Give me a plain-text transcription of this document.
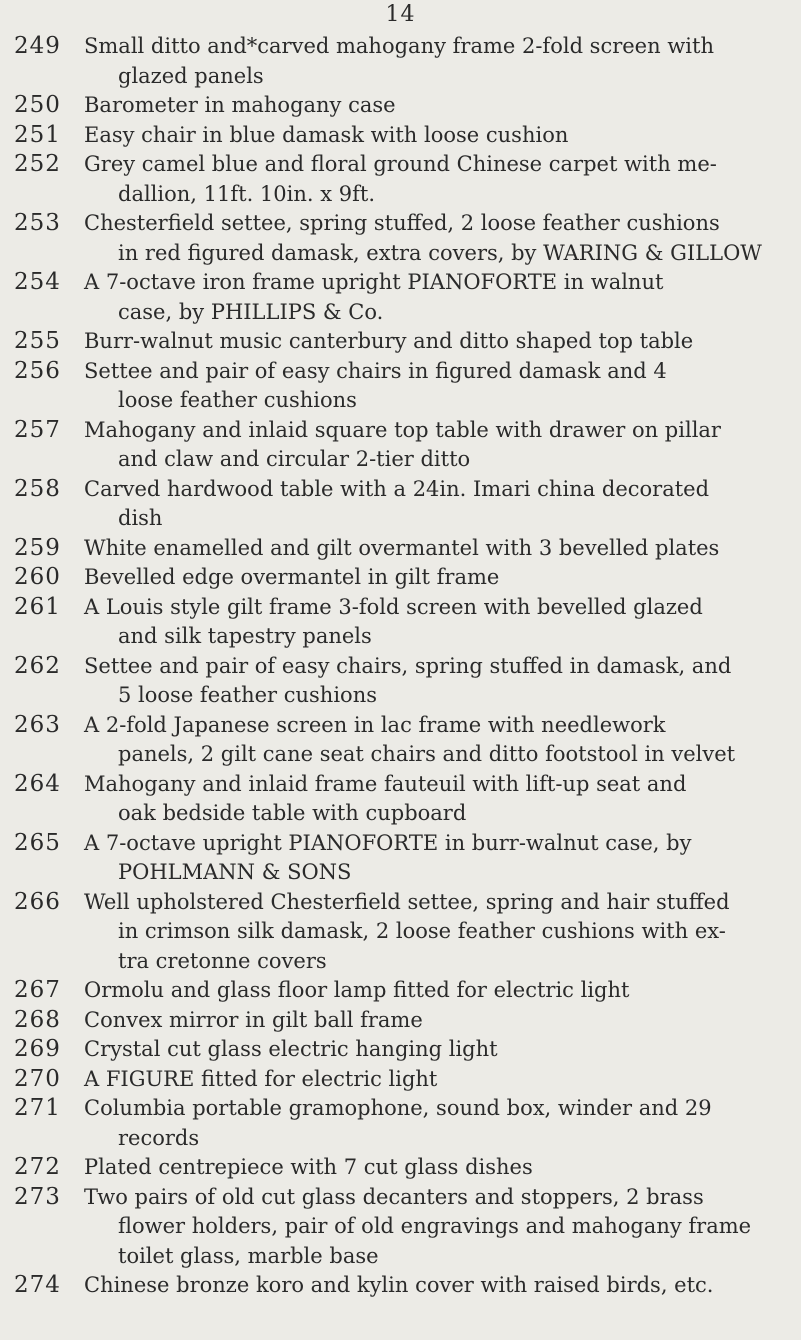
14
249	Small ditto and*carved mahogany frame 2-fold screen with
glazed panels
250	Barometer in mahogany case
251	Easy chair in blue damask with loose cushion
252	Grey camel blue and floral ground Chinese carpet with me-
dallion, 11ft. 10in. x 9ft.
253	Chesterfield settee, spring stuffed, 2 loose feather cushions
in red figured damask, extra covers, by WARING & GILLOW
254	A 7-octave iron frame upright PIANOFORTE in walnut
case, by PHILLIPS & Co.
255	Burr-walnut music canterbury and ditto shaped top table
256	Settee and pair of easy chairs in figured damask and 4
loose feather cushions
257	Mahogany and inlaid square top table with drawer on pillar
and claw and circular 2-tier ditto
258	Carved hardwood table with a 24in. Imari china decorated
dish
259	White enamelled and gilt overmantel with 3 bevelled plates
260	Bevelled edge overmantel in gilt frame
261	A Louis style gilt frame 3-fold screen with bevelled glazed
and silk tapestry panels
262	Settee and pair of easy chairs, spring stuffed in damask, and
5 loose feather cushions
263	A 2-fold Japanese screen in lac frame with needlework
panels, 2 gilt cane seat chairs and ditto footstool in velvet
264	Mahogany and inlaid frame fauteuil with lift-up seat and
oak bedside table with cupboard
265	A 7-octave upright PIANOFORTE in burr-walnut case, by
POHLMANN & SONS
266	Well upholstered Chesterfield settee, spring and hair stuffed
in crimson silk damask, 2 loose feather cushions with ex-
tra cretonne covers
267	Ormolu and glass floor lamp fitted for electric light
268	Convex mirror in gilt ball frame
269	Crystal cut glass electric hanging light
270	A FIGURE fitted for electric light
271	Columbia portable gramophone, sound box, winder and 29
records
272	Plated centrepiece with 7 cut glass dishes
273	Two pairs of old cut glass decanters and stoppers, 2 brass
flower holders, pair of old engravings and mahogany frame
toilet glass, marble base
274	Chinese bronze koro and kylin cover with raised birds, etc.
